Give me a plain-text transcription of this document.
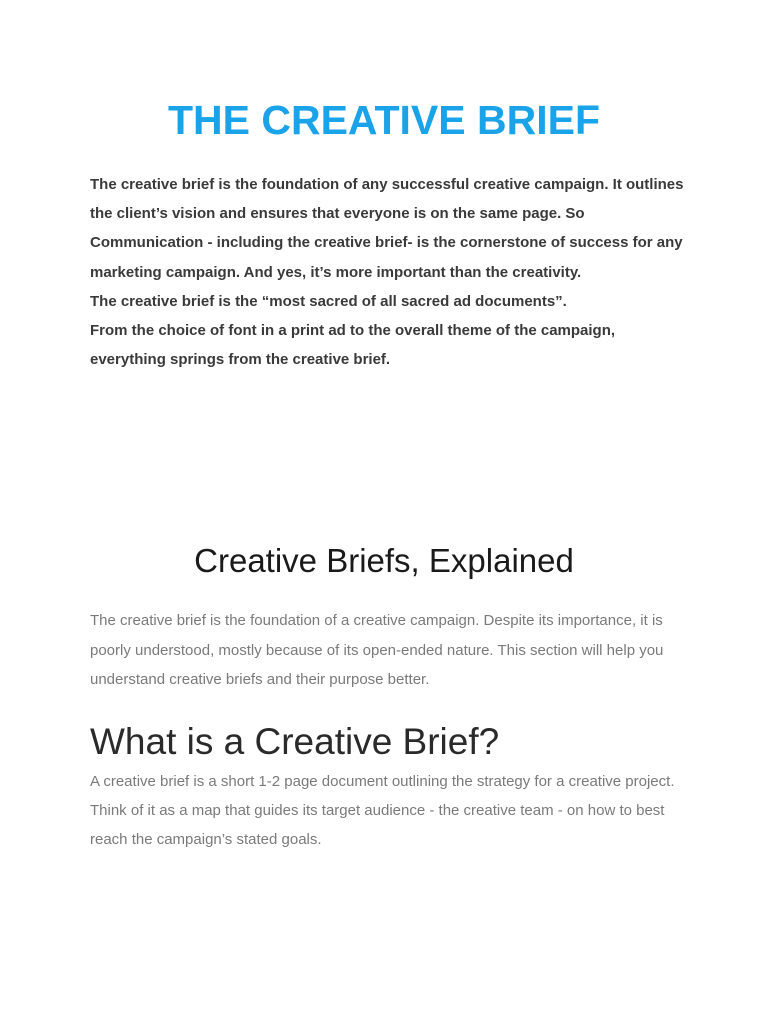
THE CREATIVE BRIEF

The creative brief is the foundation of any successful creative campaign. It outlines the client’s vision and ensures that everyone is on the same page. So

Communication - including the creative brief- is the cornerstone of success for any marketing campaign. And yes, it’s more important than the creativity.

The creative brief is the “most sacred of all sacred ad documents”.

From the choice of font in a print ad to the overall theme of the campaign, everything springs from the creative brief.

Creative Briefs, Explained

The creative brief is the foundation of a creative campaign. Despite its importance, it is poorly understood, mostly because of its open-ended nature. This section will help you understand creative briefs and their purpose better.

What is a Creative Brief?

A creative brief is a short 1-2 page document outlining the strategy for a creative project.

Think of it as a map that guides its target audience - the creative team - on how to best reach the campaign’s stated goals.
